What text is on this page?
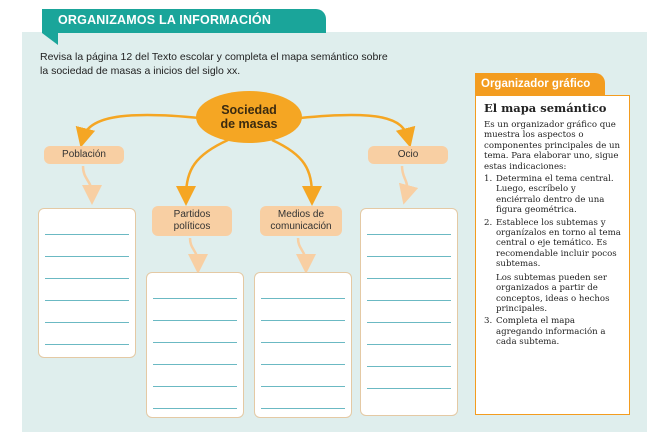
ORGANIZAMOS LA INFORMACIÓN
Revisa la página 12 del Texto escolar y completa el mapa semántico sobre
la sociedad de masas a inicios del siglo xx.
Sociedad
de masas
Población
Partidos
políticos
Medios de
comunicación
Ocio
Organizador gráfico
El mapa semántico
Es un organizador gráfico que muestra los aspectos o componentes principales de un tema. Para elaborar uno, sigue estas indicaciones:
1. Determina el tema central. Luego, escríbelo y enciérralo dentro de una figura geométrica.
2. Establece los subtemas y organízalos en torno al tema central o eje temático. Es recomendable incluir pocos subtemas.
Los subtemas pueden ser organizados a partir de conceptos, ideas o hechos principales.
3. Completa el mapa agregando información a cada subtema.
